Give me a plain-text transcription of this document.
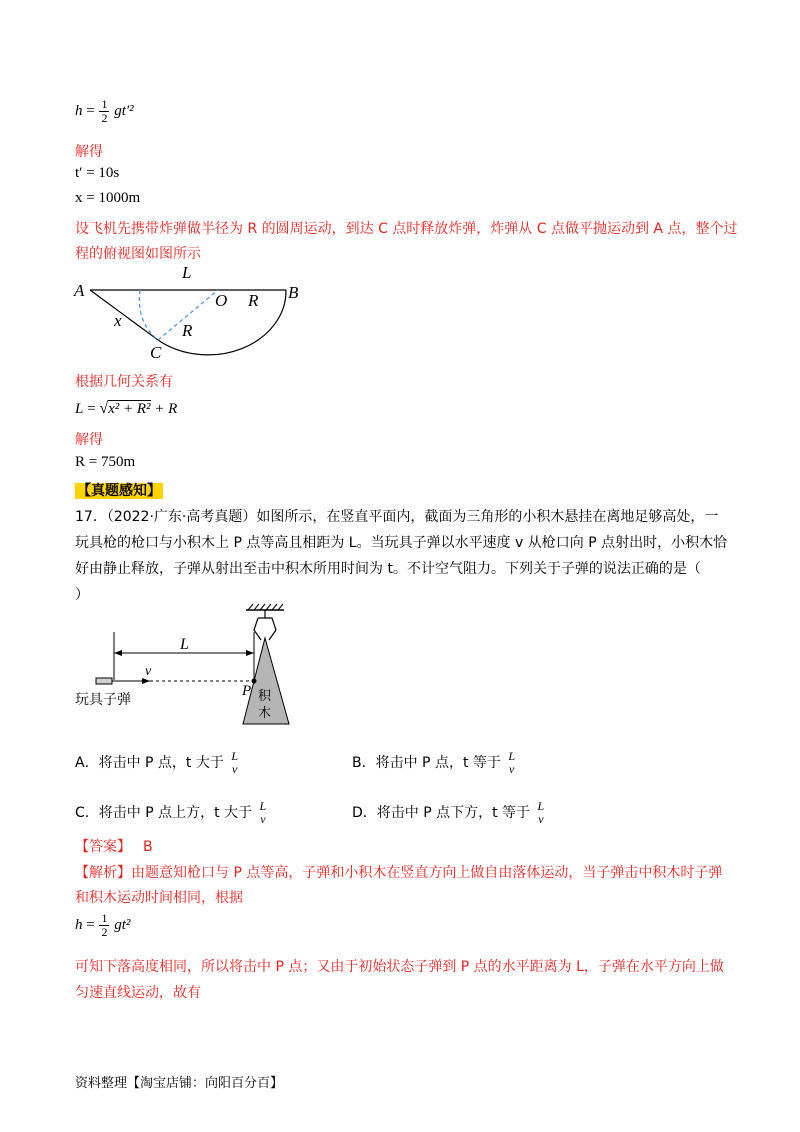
$h = \frac{1}{2} gt'^2$
解得
t′ = 10s
x = 1000m
设飞机先携带炸弹做半径为 R 的圆周运动，到达 C 点时释放炸弹，炸弹从 C 点做平抛运动到 A 点，整个过
程的俯视图如图所示
A
L
B
O R
x
R
C
根据几何关系有
L = √x² + R² + R
解得
R = 750m
【真题感知】
17．（2022·广东·高考真题）如图所示，在竖直平面内，截面为三角形的小积木悬挂在离地足够高处，一
玩具枪的枪口与小积木上 P 点等高且相距为 L。当玩具子弹以水平速度 v 从枪口向 P 点射出时，小积木恰
好由静止释放，子弹从射出至击中积木所用时间为 t。不计空气阻力。下列关于子弹的说法正确的是（
）
积
木
L
v
P
玩具子弹
A．将击中 P 点，t 大于 L
v	B．将击中 P 点，t 等于 L
v
C．将击中 P 点上方，t 大于 L
v	D．将击中 P 点下方，t 等于 L
v
【答案】 B
【解析】由题意知枪口与 P 点等高，子弹和小积木在竖直方向上做自由落体运动，当子弹击中积木时子弹
和积木运动时间相同，根据
$h = \frac{1}{2} gt^2$
可知下落高度相同，所以将击中 P 点；又由于初始状态子弹到 P 点的水平距离为 L，子弹在水平方向上做
匀速直线运动，故有
资料整理【淘宝店铺：向阳百分百】
